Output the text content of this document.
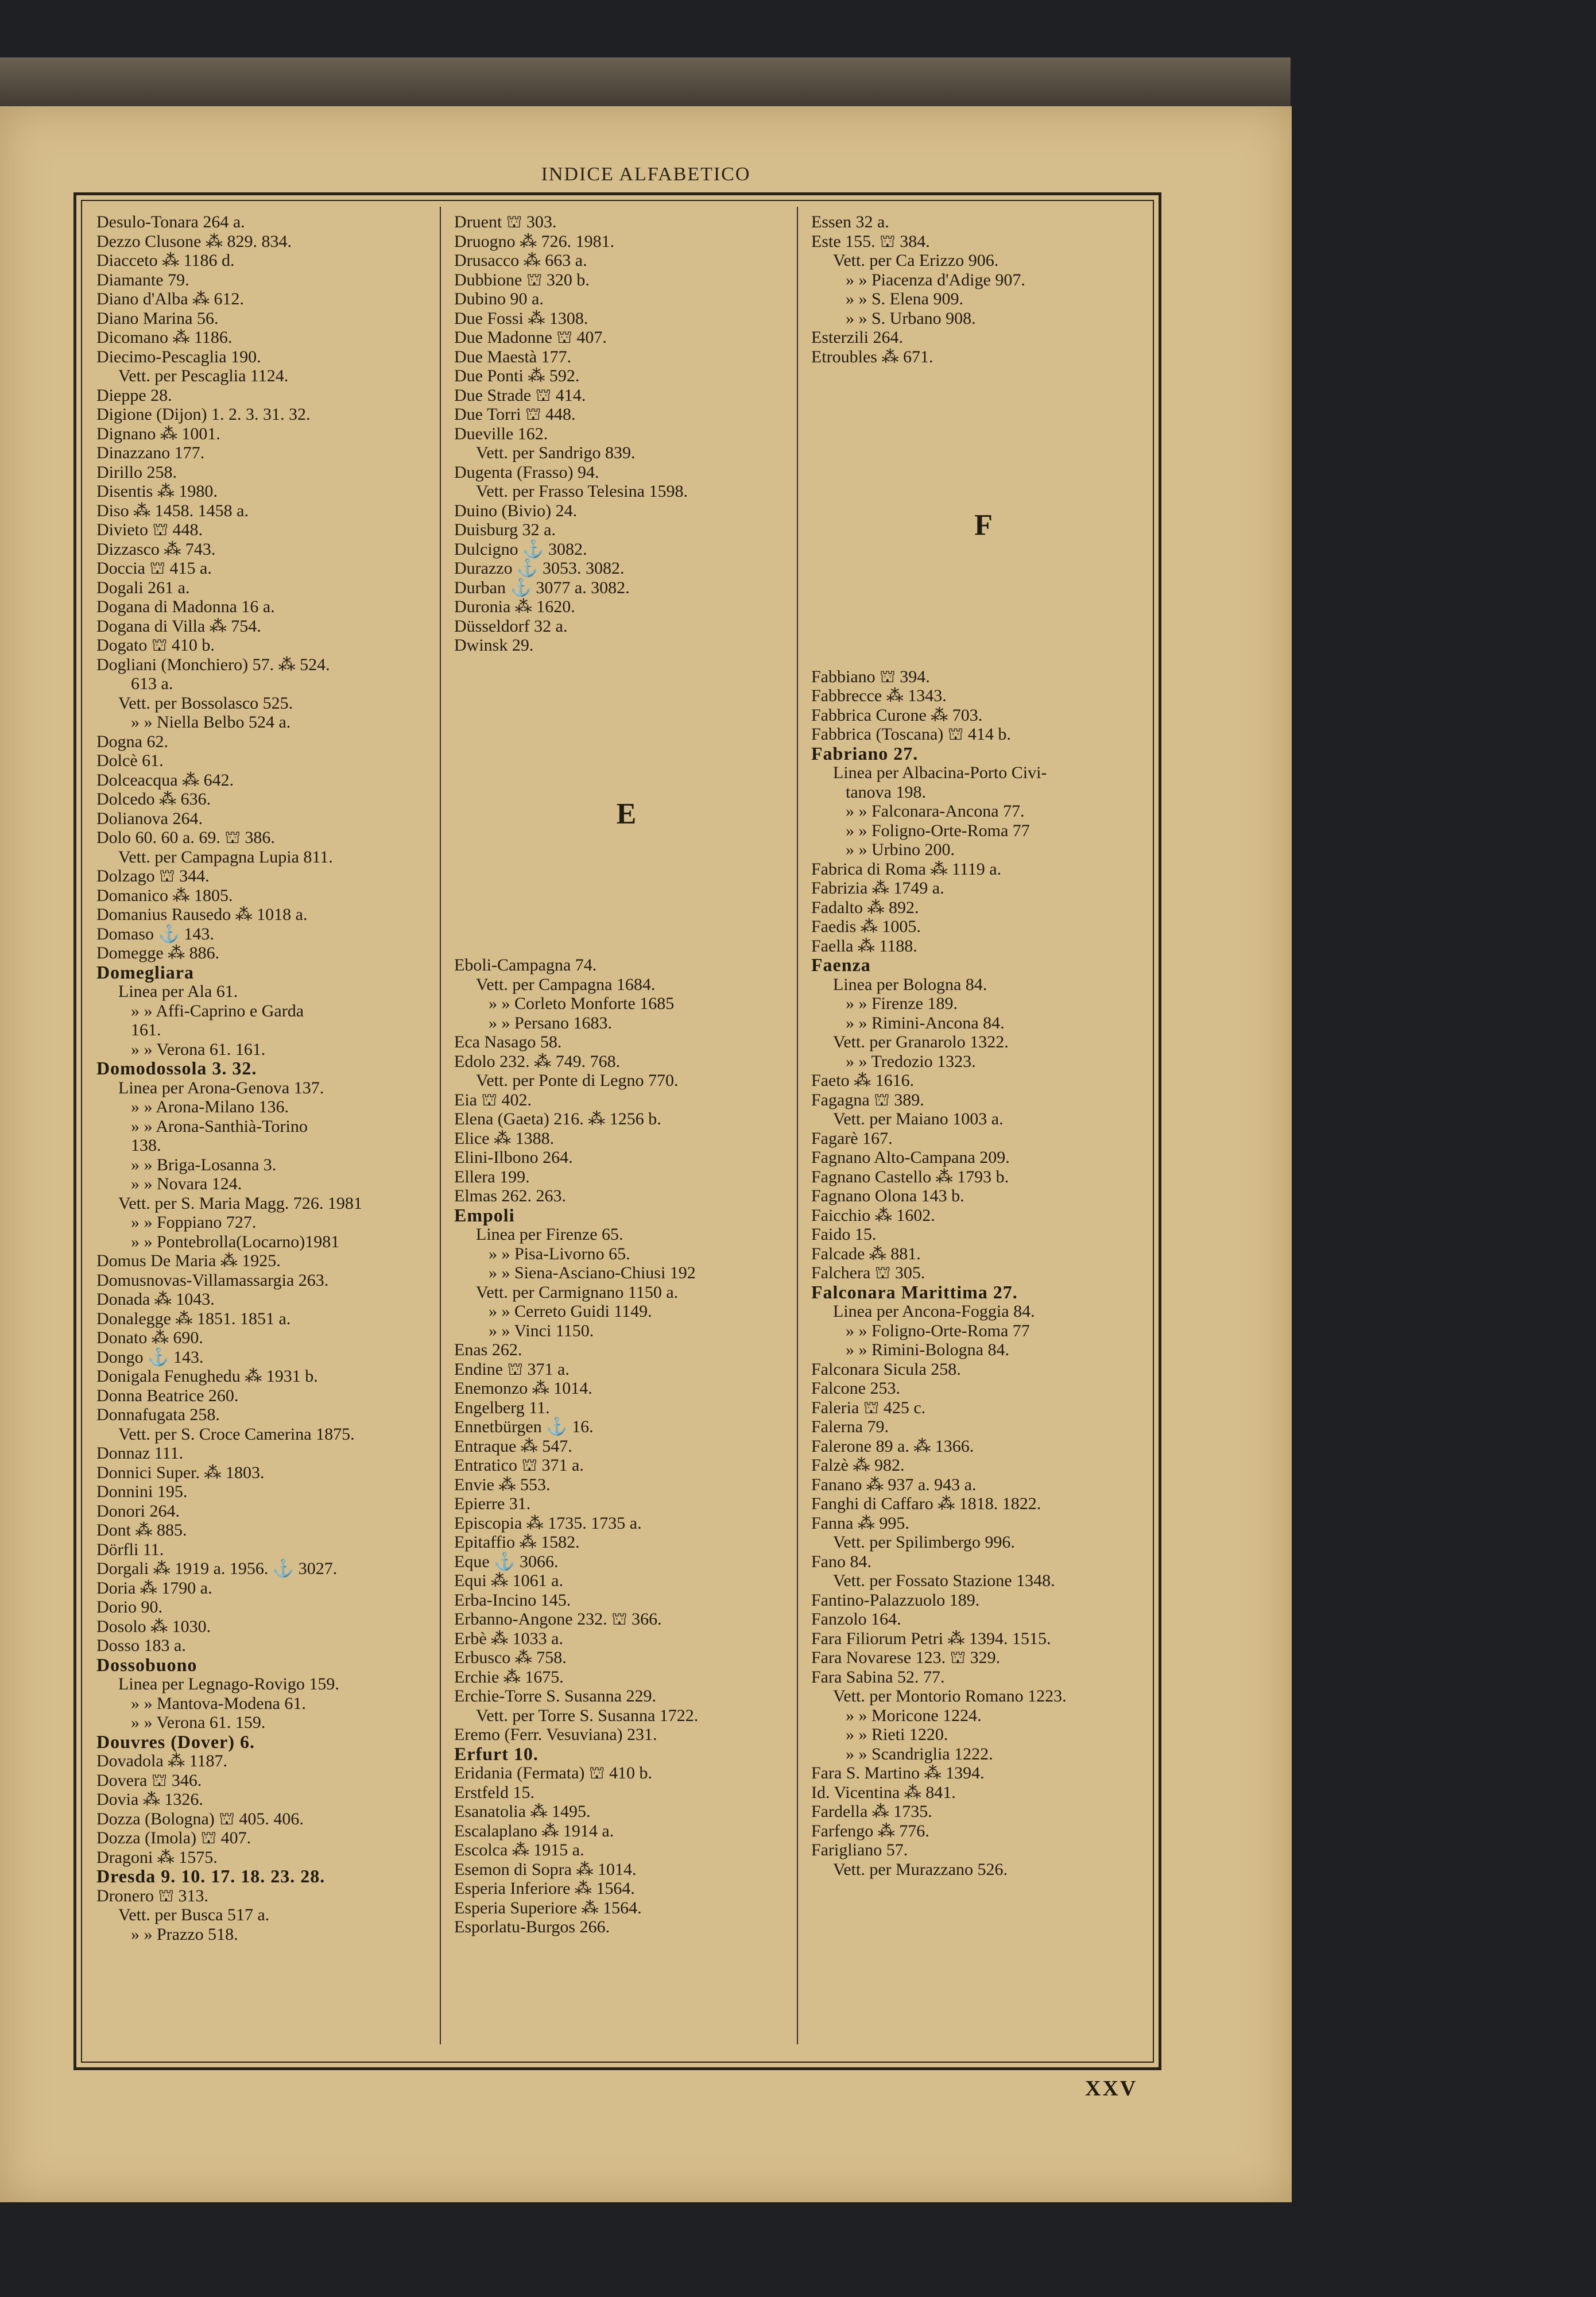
INDICE ALFABETICO
Desulo-Tonara 264 a.
Dezzo Clusone ⁂ 829. 834.
Diacceto ⁂ 1186 d.
Diamante 79.
Diano d'Alba ⁂ 612.
Diano Marina 56.
Dicomano ⁂ 1186.
Diecimo-Pescaglia 190.
Vett. per Pescaglia 1124.
Dieppe 28.
Digione (Dijon) 1. 2. 3. 31. 32.
Dignano ⁂ 1001.
Dinazzano 177.
Dirillo 258.
Disentis ⁂ 1980.
Diso ⁂ 1458. 1458 a.
Divieto ⛫ 448.
Dizzasco ⁂ 743.
Doccia ⛫ 415 a.
Dogali 261 a.
Dogana di Madonna 16 a.
Dogana di Villa ⁂ 754.
Dogato ⛫ 410 b.
Dogliani (Monchiero) 57. ⁂ 524.
613 a.
Vett. per Bossolasco 525.
» » Niella Belbo 524 a.
Dogna 62.
Dolcè 61.
Dolceacqua ⁂ 642.
Dolcedo ⁂ 636.
Dolianova 264.
Dolo 60. 60 a. 69. ⛫ 386.
Vett. per Campagna Lupia 811.
Dolzago ⛫ 344.
Domanico ⁂ 1805.
Domanius Rausedo ⁂ 1018 a.
Domaso ⚓ 143.
Domegge ⁂ 886.
Domegliara
Linea per Ala 61.
» » Affi-Caprino e Garda
161.
» » Verona 61. 161.
Domodossola 3. 32.
Linea per Arona-Genova 137.
» » Arona-Milano 136.
» » Arona-Santhià-Torino
138.
» » Briga-Losanna 3.
» » Novara 124.
Vett. per S. Maria Magg. 726. 1981
» » Foppiano 727.
» » Pontebrolla(Locarno)1981
Domus De Maria ⁂ 1925.
Domusnovas-Villamassargia 263.
Donada ⁂ 1043.
Donalegge ⁂ 1851. 1851 a.
Donato ⁂ 690.
Dongo ⚓ 143.
Donigala Fenughedu ⁂ 1931 b.
Donna Beatrice 260.
Donnafugata 258.
Vett. per S. Croce Camerina 1875.
Donnaz 111.
Donnici Super. ⁂ 1803.
Donnini 195.
Donori 264.
Dont ⁂ 885.
Dörfli 11.
Dorgali ⁂ 1919 a. 1956. ⚓ 3027.
Doria ⁂ 1790 a.
Dorio 90.
Dosolo ⁂ 1030.
Dosso 183 a.
Dossobuono
Linea per Legnago-Rovigo 159.
» » Mantova-Modena 61.
» » Verona 61. 159.
Douvres (Dover) 6.
Dovadola ⁂ 1187.
Dovera ⛫ 346.
Dovia ⁂ 1326.
Dozza (Bologna) ⛫ 405. 406.
Dozza (Imola) ⛫ 407.
Dragoni ⁂ 1575.
Dresda 9. 10. 17. 18. 23. 28.
Dronero ⛫ 313.
Vett. per Busca 517 a.
» » Prazzo 518.
Druent ⛫ 303.
Druogno ⁂ 726. 1981.
Drusacco ⁂ 663 a.
Dubbione ⛫ 320 b.
Dubino 90 a.
Due Fossi ⁂ 1308.
Due Madonne ⛫ 407.
Due Maestà 177.
Due Ponti ⁂ 592.
Due Strade ⛫ 414.
Due Torri ⛫ 448.
Dueville 162.
Vett. per Sandrigo 839.
Dugenta (Frasso) 94.
Vett. per Frasso Telesina 1598.
Duino (Bivio) 24.
Duisburg 32 a.
Dulcigno ⚓ 3082.
Durazzo ⚓ 3053. 3082.
Durban ⚓ 3077 a. 3082.
Duronia ⁂ 1620.
Düsseldorf 32 a.
Dwinsk 29.
E
Eboli-Campagna 74.
Vett. per Campagna 1684.
» » Corleto Monforte 1685
» » Persano 1683.
Eca Nasago 58.
Edolo 232. ⁂ 749. 768.
Vett. per Ponte di Legno 770.
Eia ⛫ 402.
Elena (Gaeta) 216. ⁂ 1256 b.
Elice ⁂ 1388.
Elini-Ilbono 264.
Ellera 199.
Elmas 262. 263.
Empoli
Linea per Firenze 65.
» » Pisa-Livorno 65.
» » Siena-Asciano-Chiusi 192
Vett. per Carmignano 1150 a.
» » Cerreto Guidi 1149.
» » Vinci 1150.
Enas 262.
Endine ⛫ 371 a.
Enemonzo ⁂ 1014.
Engelberg 11.
Ennetbürgen ⚓ 16.
Entraque ⁂ 547.
Entratico ⛫ 371 a.
Envie ⁂ 553.
Epierre 31.
Episcopia ⁂ 1735. 1735 a.
Epitaffio ⁂ 1582.
Eque ⚓ 3066.
Equi ⁂ 1061 a.
Erba-Incino 145.
Erbanno-Angone 232. ⛫ 366.
Erbè ⁂ 1033 a.
Erbusco ⁂ 758.
Erchie ⁂ 1675.
Erchie-Torre S. Susanna 229.
Vett. per Torre S. Susanna 1722.
Eremo (Ferr. Vesuviana) 231.
Erfurt 10.
Eridania (Fermata) ⛫ 410 b.
Erstfeld 15.
Esanatolia ⁂ 1495.
Escalaplano ⁂ 1914 a.
Escolca ⁂ 1915 a.
Esemon di Sopra ⁂ 1014.
Esperia Inferiore ⁂ 1564.
Esperia Superiore ⁂ 1564.
Esporlatu-Burgos 266.
Essen 32 a.
Este 155. ⛫ 384.
Vett. per Ca Erizzo 906.
» » Piacenza d'Adige 907.
» » S. Elena 909.
» » S. Urbano 908.
Esterzili 264.
Etroubles ⁂ 671.
F
Fabbiano ⛫ 394.
Fabbrecce ⁂ 1343.
Fabbrica Curone ⁂ 703.
Fabbrica (Toscana) ⛫ 414 b.
Fabriano 27.
Linea per Albacina-Porto Civi-
tanova 198.
» » Falconara-Ancona 77.
» » Foligno-Orte-Roma 77
» » Urbino 200.
Fabrica di Roma ⁂ 1119 a.
Fabrizia ⁂ 1749 a.
Fadalto ⁂ 892.
Faedis ⁂ 1005.
Faella ⁂ 1188.
Faenza
Linea per Bologna 84.
» » Firenze 189.
» » Rimini-Ancona 84.
Vett. per Granarolo 1322.
» » Tredozio 1323.
Faeto ⁂ 1616.
Fagagna ⛫ 389.
Vett. per Maiano 1003 a.
Fagarè 167.
Fagnano Alto-Campana 209.
Fagnano Castello ⁂ 1793 b.
Fagnano Olona 143 b.
Faicchio ⁂ 1602.
Faido 15.
Falcade ⁂ 881.
Falchera ⛫ 305.
Falconara Marittima 27.
Linea per Ancona-Foggia 84.
» » Foligno-Orte-Roma 77
» » Rimini-Bologna 84.
Falconara Sicula 258.
Falcone 253.
Faleria ⛫ 425 c.
Falerna 79.
Falerone 89 a. ⁂ 1366.
Falzè ⁂ 982.
Fanano ⁂ 937 a. 943 a.
Fanghi di Caffaro ⁂ 1818. 1822.
Fanna ⁂ 995.
Vett. per Spilimbergo 996.
Fano 84.
Vett. per Fossato Stazione 1348.
Fantino-Palazzuolo 189.
Fanzolo 164.
Fara Filiorum Petri ⁂ 1394. 1515.
Fara Novarese 123. ⛫ 329.
Fara Sabina 52. 77.
Vett. per Montorio Romano 1223.
» » Moricone 1224.
» » Rieti 1220.
» » Scandriglia 1222.
Fara S. Martino ⁂ 1394.
Id. Vicentina ⁂ 841.
Fardella ⁂ 1735.
Farfengo ⁂ 776.
Farigliano 57.
Vett. per Murazzano 526.
XXV
